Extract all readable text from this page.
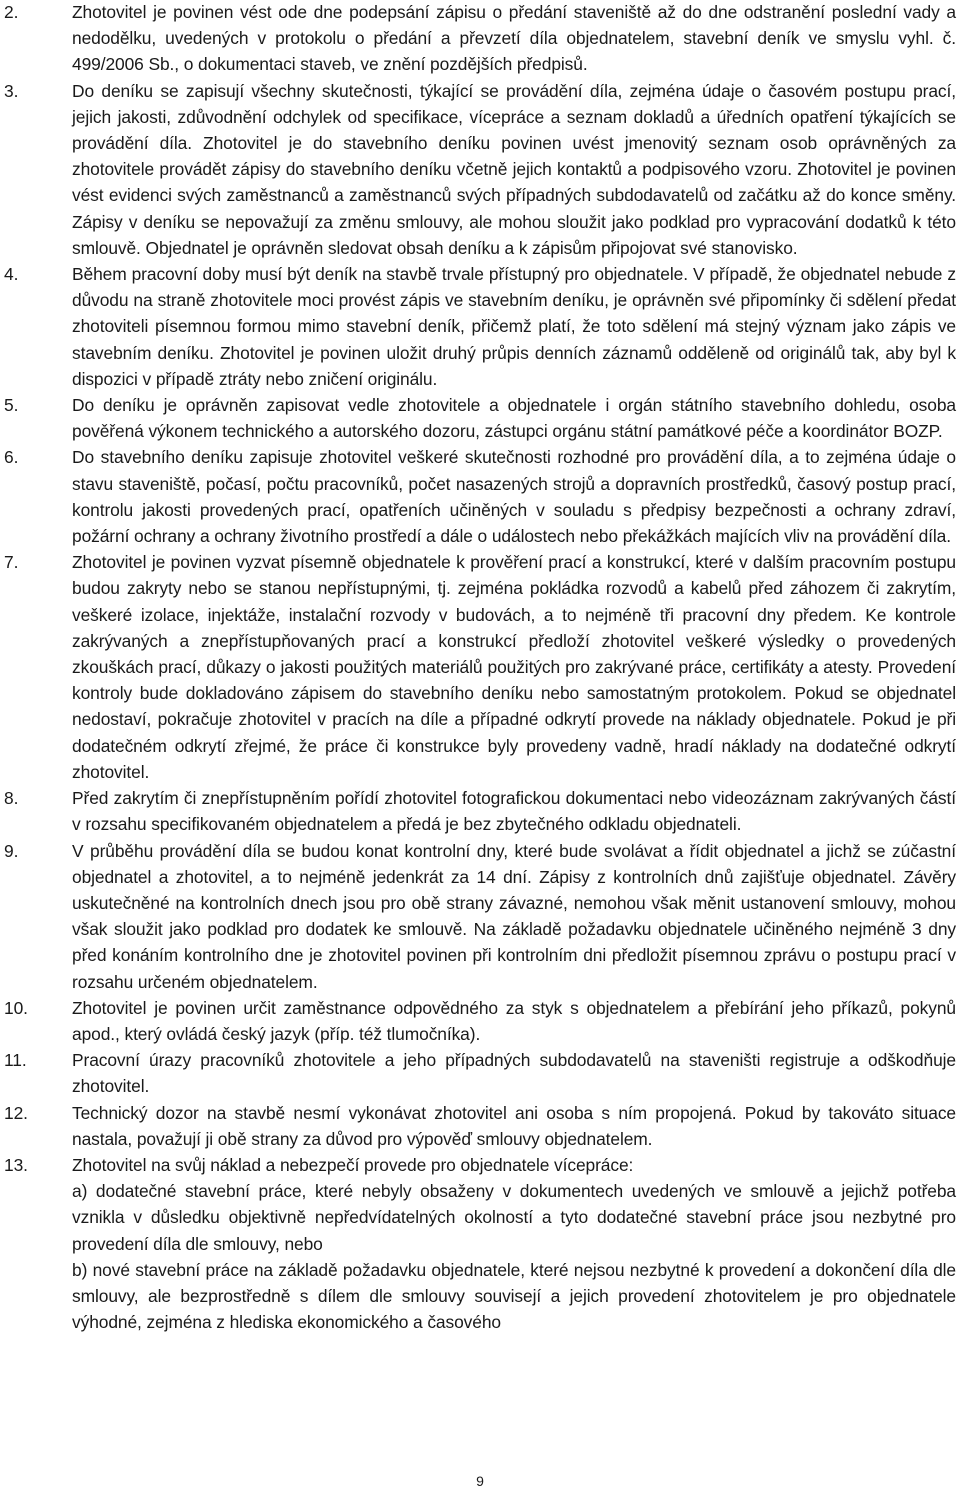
2.	Zhotovitel je povinen vést ode dne podepsání zápisu o předání staveniště až do dne odstranění poslední vady a nedodělku, uvedených v protokolu o předání a převzetí díla objednatelem, stavební deník ve smyslu vyhl. č. 499/2006 Sb., o dokumentaci staveb, ve znění pozdějších předpisů.
3.	Do deníku se zapisují všechny skutečnosti, týkající se provádění díla, zejména údaje o časovém postupu prací, jejich jakosti, zdůvodnění odchylek od specifikace, vícepráce a seznam dokladů a úředních opatření týkajících se provádění díla. Zhotovitel je do stavebního deníku povinen uvést jmenovitý seznam osob oprávněných za zhotovitele provádět zápisy do stavebního deníku včetně jejich kontaktů a podpisového vzoru. Zhotovitel je povinen vést evidenci svých zaměstnanců a zaměstnanců svých případných subdodavatelů od začátku až do konce směny. Zápisy v deníku se nepovažují za změnu smlouvy, ale mohou sloužit jako podklad pro vypracování dodatků k této smlouvě. Objednatel je oprávněn sledovat obsah deníku a k zápisům připojovat své stanovisko.
4.	Během pracovní doby musí být deník na stavbě trvale přístupný pro objednatele. V případě, že objednatel nebude z důvodu na straně zhotovitele moci provést zápis ve stavebním deníku, je oprávněn své připomínky či sdělení předat zhotoviteli písemnou formou mimo stavební deník, přičemž platí, že toto sdělení má stejný význam jako zápis ve stavebním deníku. Zhotovitel je povinen uložit druhý průpis denních záznamů odděleně od originálů tak, aby byl k dispozici v případě ztráty nebo zničení originálu.
5.	Do deníku je oprávněn zapisovat vedle zhotovitele a objednatele i orgán státního stavebního dohledu, osoba pověřená výkonem technického a autorského dozoru, zástupci orgánu státní památkové péče a koordinátor BOZP.
6.	Do stavebního deníku zapisuje zhotovitel veškeré skutečnosti rozhodné pro provádění díla, a to zejména údaje o stavu staveniště, počasí, počtu pracovníků, počet nasazených strojů a dopravních prostředků, časový postup prací, kontrolu jakosti provedených prací, opatřeních učiněných v souladu s předpisy bezpečnosti a ochrany zdraví, požární ochrany a ochrany životního prostředí a dále o událostech nebo překážkách majících vliv na provádění díla.
7.	Zhotovitel je povinen vyzvat písemně objednatele k prověření prací a konstrukcí, které v dalším pracovním postupu budou zakryty nebo se stanou nepřístupnými, tj. zejména pokládka rozvodů a kabelů před záhozem či zakrytím, veškeré izolace, injektáže, instalační rozvody v budovách, a to nejméně tři pracovní dny předem. Ke kontrole zakrývaných a znepřístupňovaných prací a konstrukcí předloží zhotovitel veškeré výsledky o provedených zkouškách prací, důkazy o jakosti použitých materiálů použitých pro zakrývané práce, certifikáty a atesty. Provedení kontroly bude dokladováno zápisem do stavebního deníku nebo samostatným protokolem. Pokud se objednatel nedostaví, pokračuje zhotovitel v pracích na díle a případné odkrytí provede na náklady objednatele. Pokud je při dodatečném odkrytí zřejmé, že práce či konstrukce byly provedeny vadně, hradí náklady na dodatečné odkrytí zhotovitel.
8.	Před zakrytím či znepřístupněním pořídí zhotovitel fotografickou dokumentaci nebo videozáznam zakrývaných částí v rozsahu specifikovaném objednatelem a předá je bez zbytečného odkladu objednateli.
9.	V průběhu provádění díla se budou konat kontrolní dny, které bude svolávat a řídit objednatel a jichž se zúčastní objednatel a zhotovitel, a to nejméně jedenkrát za 14 dní. Zápisy z kontrolních dnů zajišťuje objednatel. Závěry uskutečněné na kontrolních dnech jsou pro obě strany závazné, nemohou však měnit ustanovení smlouvy, mohou však sloužit jako podklad pro dodatek ke smlouvě. Na základě požadavku objednatele učiněného nejméně 3 dny před konáním kontrolního dne je zhotovitel povinen při kontrolním dni předložit písemnou zprávu o postupu prací v rozsahu určeném objednatelem.
10.	Zhotovitel je povinen určit zaměstnance odpovědného za styk s objednatelem a přebírání jeho příkazů, pokynů apod., který ovládá český jazyk (příp. též tlumočníka).
11.	Pracovní úrazy pracovníků zhotovitele a jeho případných subdodavatelů na staveništi registruje a odškodňuje zhotovitel.
12.	Technický dozor na stavbě nesmí vykonávat zhotovitel ani osoba s ním propojená. Pokud by takováto situace nastala, považují ji obě strany za důvod pro výpověď smlouvy objednatelem.
13.	Zhotovitel na svůj náklad a nebezpečí provede pro objednatele vícepráce:
a) dodatečné stavební práce, které nebyly obsaženy v dokumentech uvedených ve smlouvě a jejichž potřeba vznikla v důsledku objektivně nepředvídatelných okolností a tyto dodatečné stavební práce jsou nezbytné pro provedení díla dle smlouvy, nebo
b) nové stavební práce na základě požadavku objednatele, které nejsou nezbytné k provedení a dokončení díla dle smlouvy, ale bezprostředně s dílem dle smlouvy souvisejí a jejich provedení zhotovitelem je pro objednatele výhodné, zejména z hlediska ekonomického a časového
9
